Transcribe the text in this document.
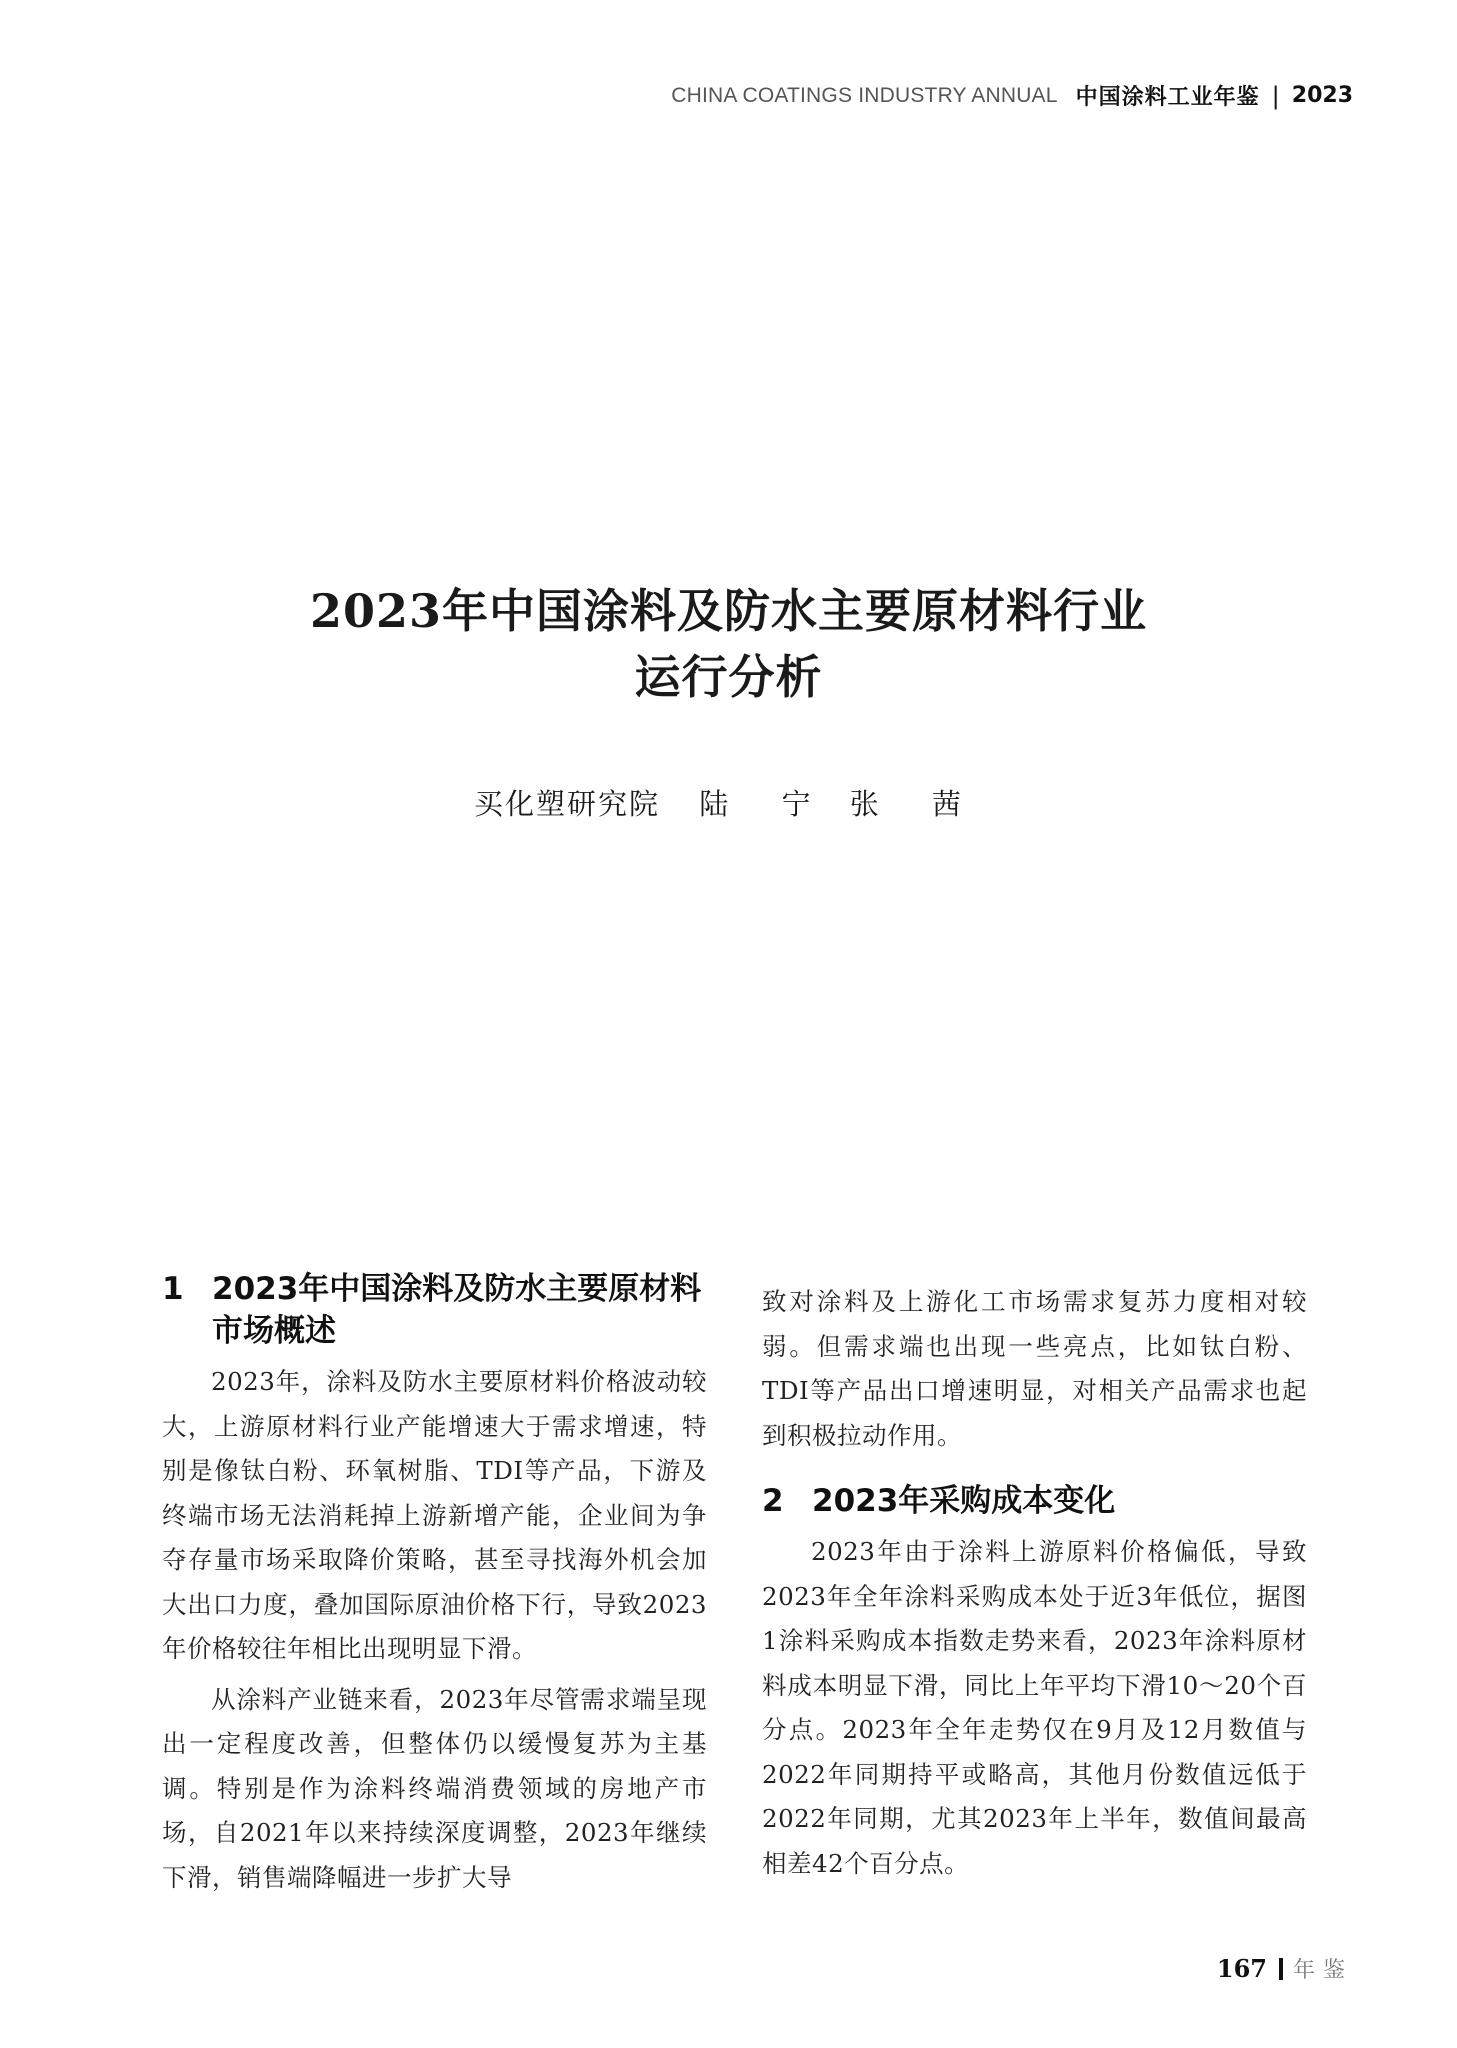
CHINA COATINGS INDUSTRY ANNUAL 中国涂料工业年鉴 | 2023
2023年中国涂料及防水主要原材料行业
运行分析
买化塑研究院 陆 宁 张 茜
1 2023年中国涂料及防水主要原材料市场概述

2023年，涂料及防水主要原材料价格波动较大，上游原材料行业产能增速大于需求增速，特别是像钛白粉、环氧树脂、TDI等产品，下游及终端市场无法消耗掉上游新增产能，企业间为争夺存量市场采取降价策略，甚至寻找海外机会加大出口力度，叠加国际原油价格下行，导致2023年价格较往年相比出现明显下滑。

从涂料产业链来看，2023年尽管需求端呈现出一定程度改善，但整体仍以缓慢复苏为主基调。特别是作为涂料终端消费领域的房地产市场，自2021年以来持续深度调整，2023年继续下滑，销售端降幅进一步扩大导

致对涂料及上游化工市场需求复苏力度相对较弱。但需求端也出现一些亮点，比如钛白粉、TDI等产品出口增速明显，对相关产品需求也起到积极拉动作用。

2 2023年采购成本变化

2023年由于涂料上游原料价格偏低，导致2023年全年涂料采购成本处于近3年低位，据图1涂料采购成本指数走势来看，2023年涂料原材料成本明显下滑，同比上年平均下滑10～20个百分点。2023年全年走势仅在9月及12月数值与2022年同期持平或略高，其他月份数值远低于2022年同期，尤其2023年上半年，数值间最高相差42个百分点。

167 年鉴
